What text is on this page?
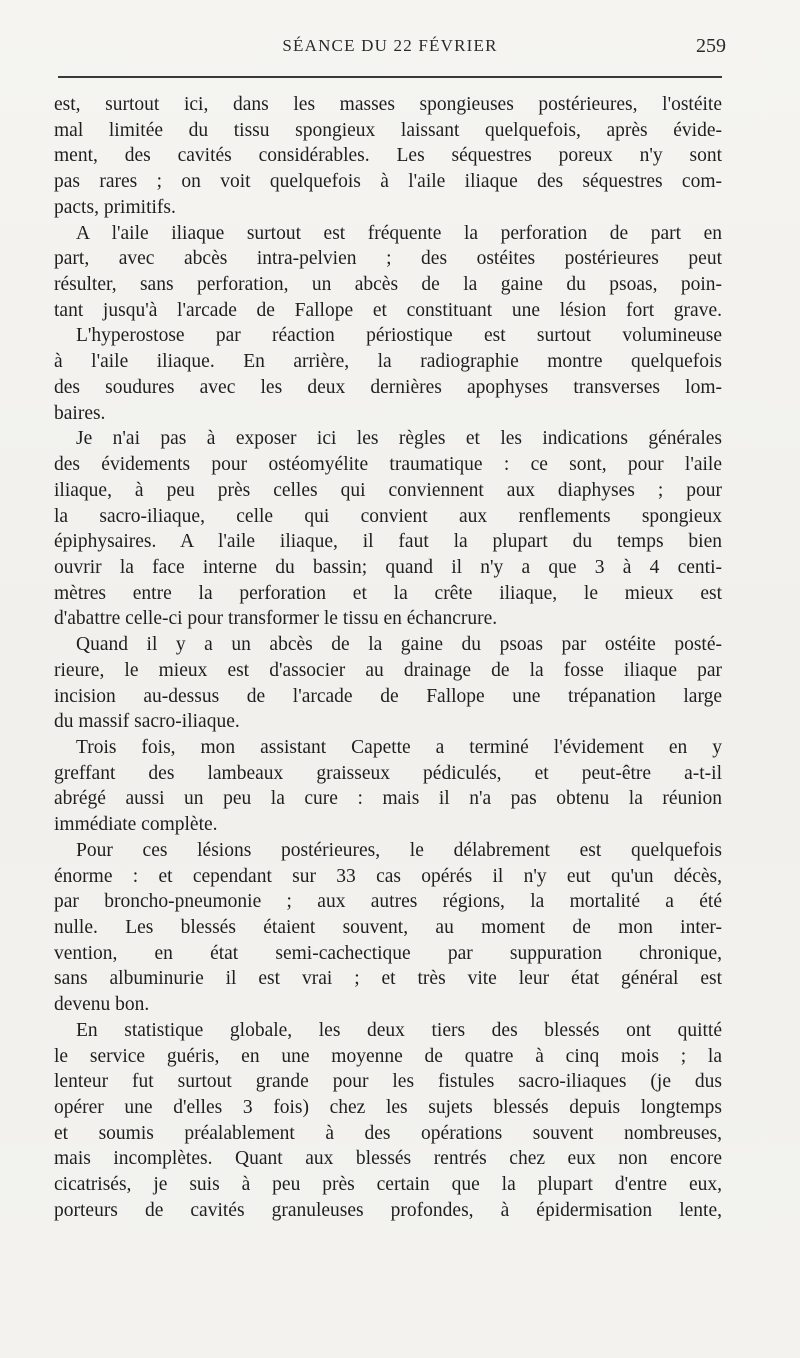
SÉANCE DU 22 FÉVRIER	259
est, surtout ici, dans les masses spongieuses postérieures, l'ostéite
mal limitée du tissu spongieux laissant quelquefois, après évide-
ment, des cavités considérables. Les séquestres poreux n'y sont
pas rares ; on voit quelquefois à l'aile iliaque des séquestres com-
pacts, primitifs.
A l'aile iliaque surtout est fréquente la perforation de part en
part, avec abcès intra-pelvien ; des ostéites postérieures peut
résulter, sans perforation, un abcès de la gaine du psoas, poin-
tant jusqu'à l'arcade de Fallope et constituant une lésion fort grave.
L'hyperostose par réaction périostique est surtout volumineuse
à l'aile iliaque. En arrière, la radiographie montre quelquefois
des soudures avec les deux dernières apophyses transverses lom-
baires.
Je n'ai pas à exposer ici les règles et les indications générales
des évidements pour ostéomyélite traumatique : ce sont, pour l'aile
iliaque, à peu près celles qui conviennent aux diaphyses ; pour
la sacro-iliaque, celle qui convient aux renflements spongieux
épiphysaires. A l'aile iliaque, il faut la plupart du temps bien
ouvrir la face interne du bassin; quand il n'y a que 3 à 4 centi-
mètres entre la perforation et la crête iliaque, le mieux est
d'abattre celle-ci pour transformer le tissu en échancrure.
Quand il y a un abcès de la gaine du psoas par ostéite posté-
rieure, le mieux est d'associer au drainage de la fosse iliaque par
incision au-dessus de l'arcade de Fallope une trépanation large
du massif sacro-iliaque.
Trois fois, mon assistant Capette a terminé l'évidement en y
greffant des lambeaux graisseux pédiculés, et peut-être a-t-il
abrégé aussi un peu la cure : mais il n'a pas obtenu la réunion
immédiate complète.
Pour ces lésions postérieures, le délabrement est quelquefois
énorme : et cependant sur 33 cas opérés il n'y eut qu'un décès,
par broncho-pneumonie ; aux autres régions, la mortalité a été
nulle. Les blessés étaient souvent, au moment de mon inter-
vention, en état semi-cachectique par suppuration chronique,
sans albuminurie il est vrai ; et très vite leur état général est
devenu bon.
En statistique globale, les deux tiers des blessés ont quitté
le service guéris, en une moyenne de quatre à cinq mois ; la
lenteur fut surtout grande pour les fistules sacro-iliaques (je dus
opérer une d'elles 3 fois) chez les sujets blessés depuis longtemps
et soumis préalablement à des opérations souvent nombreuses,
mais incomplètes. Quant aux blessés rentrés chez eux non encore
cicatrisés, je suis à peu près certain que la plupart d'entre eux,
porteurs de cavités granuleuses profondes, à épidermisation lente,
